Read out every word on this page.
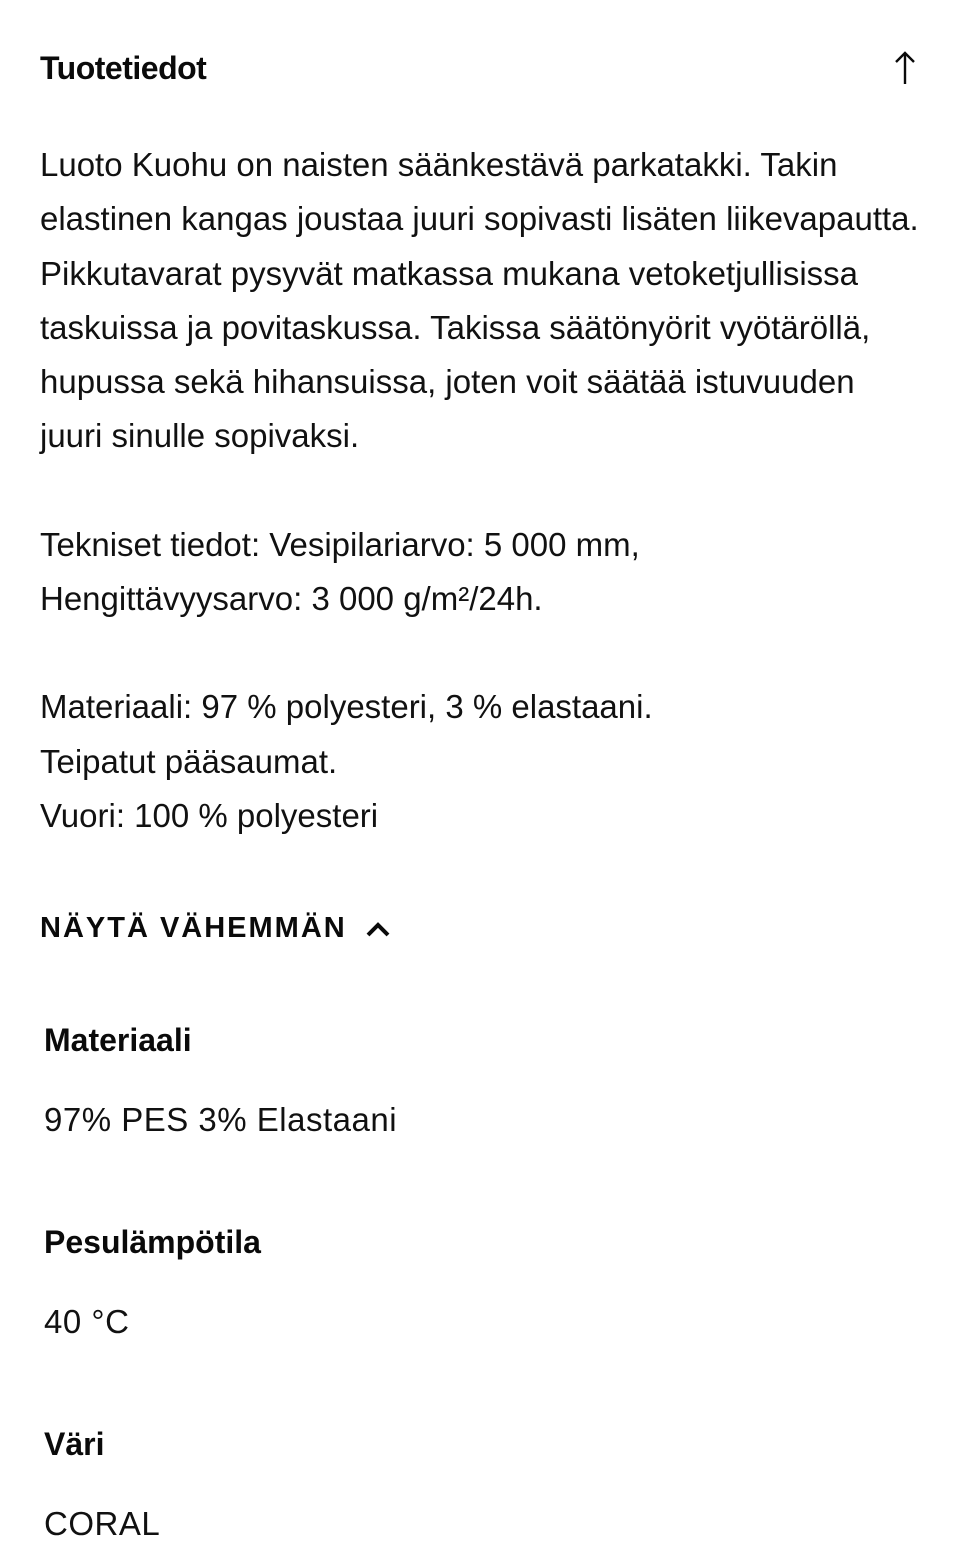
Tuotetiedot

Luoto Kuohu on naisten säänkestävä parkatakki. Takin elastinen kangas joustaa juuri sopivasti lisäten liikevapautta. Pikkutavarat pysyvät matkassa mukana vetoketjullisissa taskuissa ja povitaskussa. Takissa säätönyörit vyötäröllä, hupussa sekä hihansuissa, joten voit säätää istuvuuden juuri sinulle sopivaksi.

Tekniset tiedot: Vesipilariarvo: 5 000 mm, Hengittävyysarvo: 3 000 g/m²/24h.

Materiaali: 97 % polyesteri, 3 % elastaani.

Teipatut pääsaumat.

Vuori: 100 % polyesteri

NÄYTÄ VÄHEMMÄN

Materiaali

97% PES 3% Elastaani

Pesulämpötila

40 °C

Väri

CORAL
